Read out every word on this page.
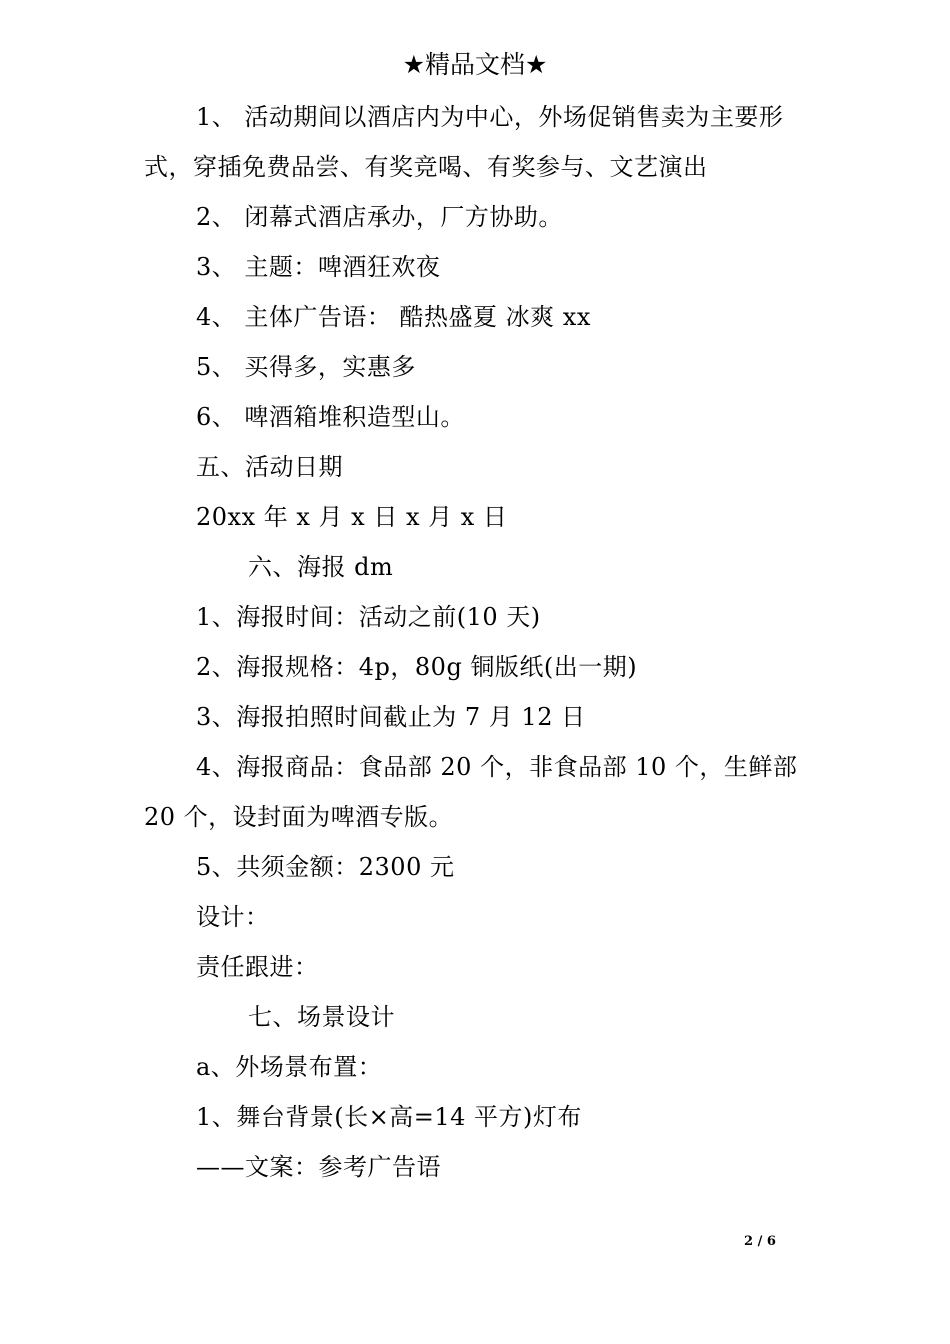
★精品文档★
1、 活动期间以酒店内为中心，外场促销售卖为主要形
式，穿插免费品尝、有奖竞喝、有奖参与、文艺演出
2、 闭幕式酒店承办，厂方协助。
3、 主题：啤酒狂欢夜
4、 主体广告语： 酷热盛夏 冰爽 xx
5、 买得多，实惠多
6、 啤酒箱堆积造型山。
五、活动日期
20xx 年 x 月 x 日 x 月 x 日
六、海报 dm
1、海报时间：活动之前(10 天)
2、海报规格：4p，80g 铜版纸(出一期)
3、海报拍照时间截止为 7 月 12 日
4、海报商品：食品部 20 个，非食品部 10 个，生鲜部
20 个，设封面为啤酒专版。
5、共须金额：2300 元
设计：
责任跟进：
七、场景设计
a、外场景布置：
1、舞台背景(长×高=14 平方)灯布
——文案：参考广告语
2 / 6
